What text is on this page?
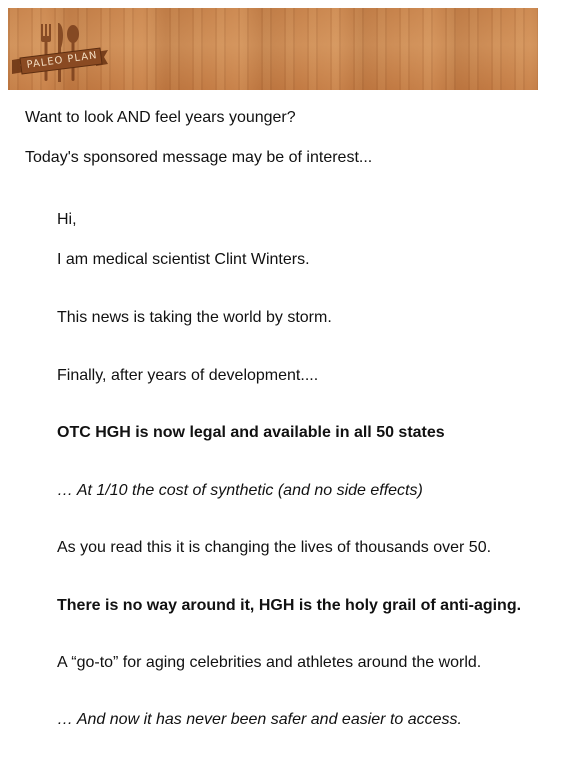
PALEO PLAN

Want to look AND feel years younger?

Today's sponsored message may be of interest...

Hi,

I am medical scientist Clint Winters.

This news is taking the world by storm.

Finally, after years of development....

OTC HGH is now legal and available in all 50 states

… At 1/10 the cost of synthetic (and no side effects)

As you read this it is changing the lives of thousands over 50.

There is no way around it, HGH is the holy grail of anti-aging.

A “go-to” for aging celebrities and athletes around the world.

… And now it has never been safer and easier to access.
